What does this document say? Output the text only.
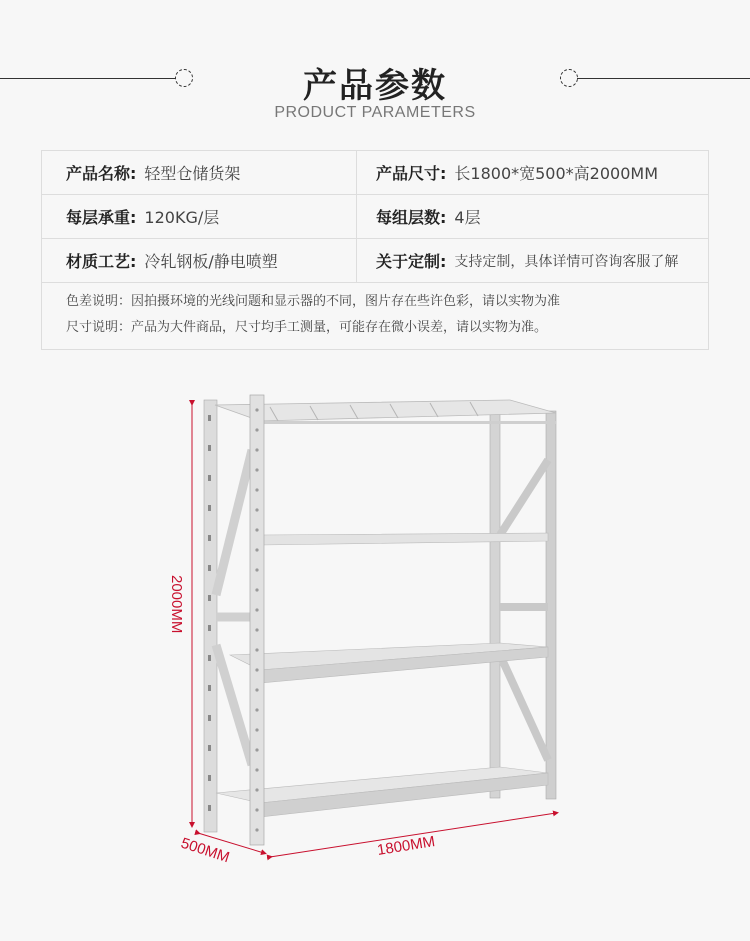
产品参数
PRODUCT PARAMETERS
产品名称: 轻型仓储货架	产品尺寸: 长1800*宽500*高2000MM
每层承重: 120KG/层	每组层数: 4层
材质工艺: 冷轧钢板/静电喷塑	关于定制: 支持定制，具体详情可咨询客服了解
色差说明：因拍摄环境的光线问题和显示器的不同，图片存在些许色彩，请以实物为准
尺寸说明：产品为大件商品，尺寸均手工测量，可能存在微小误差，请以实物为准。
2000MM
1800MM
500MM
